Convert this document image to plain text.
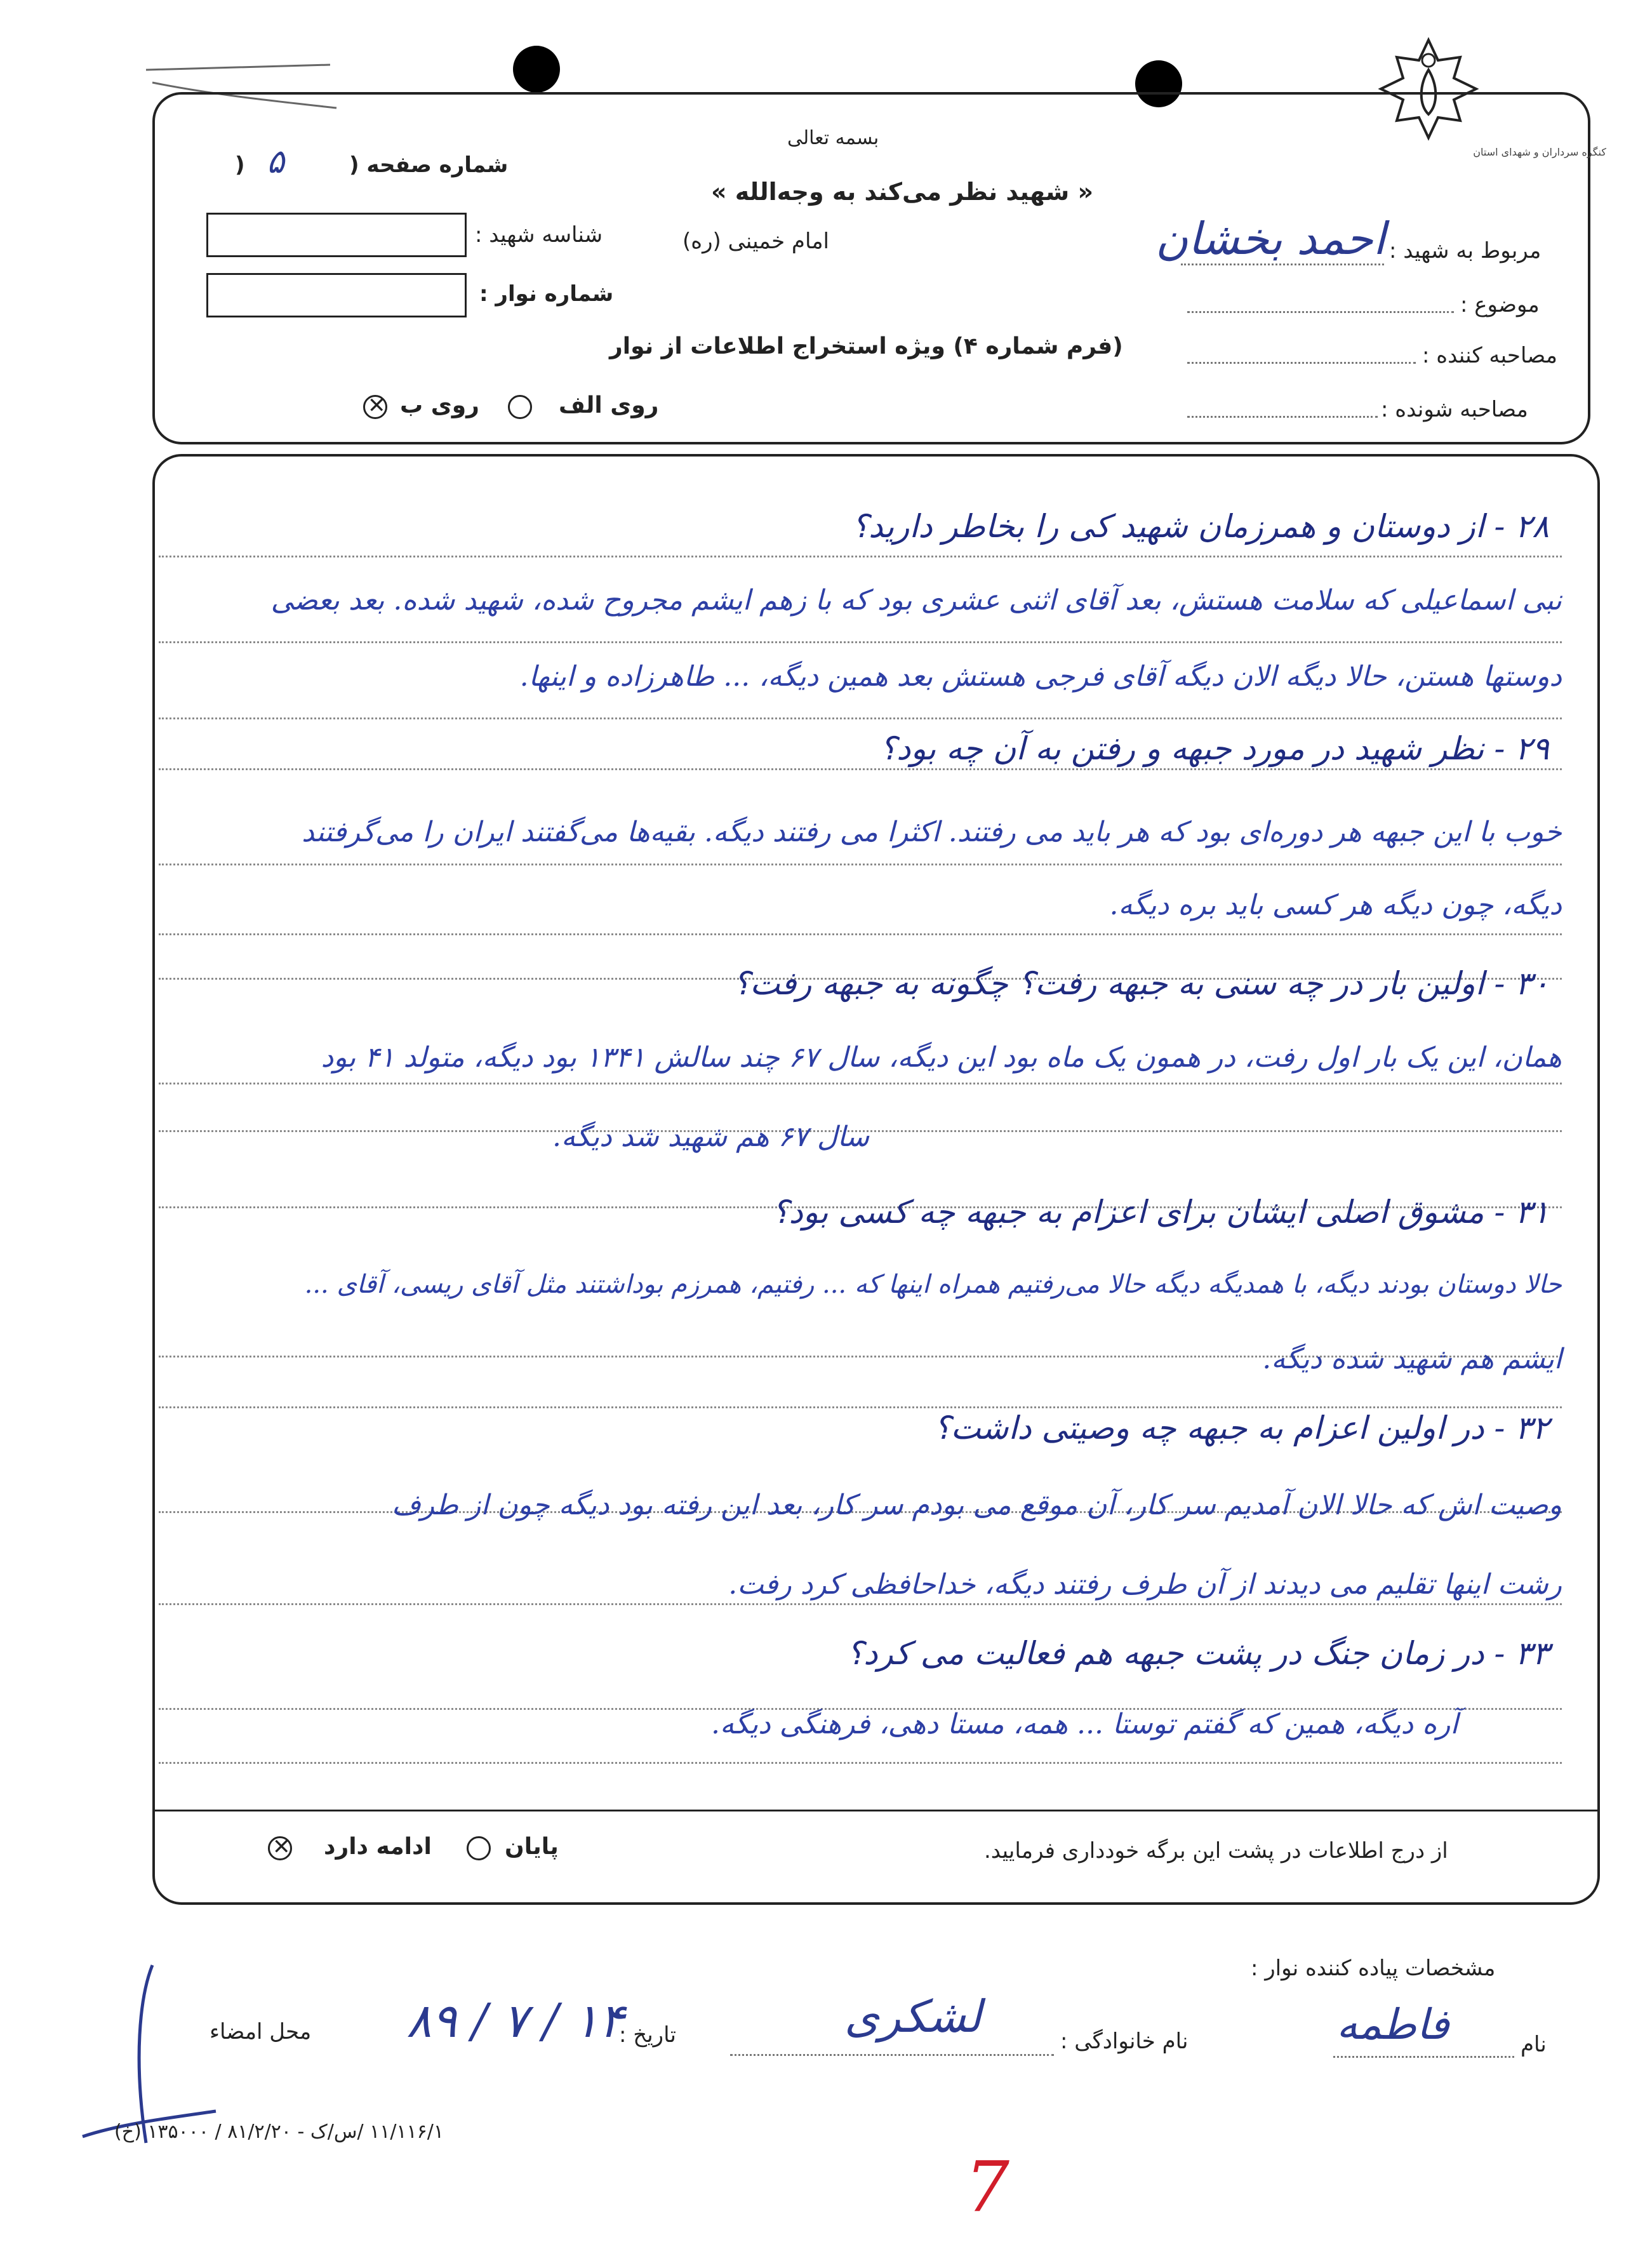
کنگره سرداران و شهدای استان
بسمه تعالی
« شهید نظر می‌کند به وجه‌الله »
امام خمینی (ره)
شماره صفحه (
۵
)
شناسه شهید :
شماره نوار :
(فرم شماره ۴) ویژه استخراج اطلاعات از نوار
روی الف
روی ب
✕
مربوط به شهید :
احمد بخشان
موضوع :
مصاحبه کننده :
مصاحبه شونده :
۲۸ - از دوستان و همرزمان شهید کی را بخاطر دارید؟
نبی اسماعیلی که سلامت هستش، بعد آقای اثنی عشری بود که با زهم ایشم مجروح شده، شهید شده. بعد بعضی
دوستها هستن، حالا دیگه الان دیگه آقای فرجی هستش بعد همین دیگه، ... طاهرزاده و اینها.
۲۹ - نظر شهید در مورد جبهه و رفتن به آن چه بود؟
خوب با این جبهه هر دوره‌ای بود که هر باید می رفتند. اکثرا می رفتند دیگه. بقیه‌ها می‌گفتند ایران را می‌گرفتند
دیگه، چون دیگه هر کسی باید بره دیگه.
۳۰ - اولین بار در چه سنی به جبهه رفت؟ چگونه به جبهه رفت؟
همان، این یک بار اول رفت، در همون یک ماه بود این دیگه، سال ۶۷ چند سالش ۱۳۴۱ بود دیگه، متولد ۴۱ بود
سال ۶۷ هم شهید شد دیگه.
۳۱ - مشوق اصلی ایشان برای اعزام به جبهه چه کسی بود؟
حالا دوستان بودند دیگه، با همدیگه دیگه حالا می‌رفتیم همراه اینها که ... رفتیم، همرزم بوداشتند مثل آقای ریسی، آقای ...
ایشم هم شهید شده دیگه.
۳۲ - در اولین اعزام به جبهه چه وصیتی داشت؟
وصیت اش که حالا الان آمدیم سر کار، آن موقع می بودم سر کار، بعد این رفته بود دیگه چون از طرف
رشت اینها تقلیم می دیدند از آن طرف رفتند دیگه، خداحافظی کرد رفت.
۳۳ - در زمان جنگ در پشت جبهه هم فعالیت می کرد؟
آره دیگه، همین که گفتم توستا ... همه، مستا دهی، فرهنگی دیگه.
از درج اطلاعات در پشت این برگه خودداری فرمایید.
پایان
ادامه دارد
✕
مشخصات پیاده کننده نوار :
نام
فاطمه
نام خانوادگی :
لشکری
تاریخ :
۸۹ / ۷ / ۱۴
محل امضاء
۱۱/۱۱۶/۱ /س/ک - ۸۱/۲/۲۰ / ۱۳۵۰۰۰ (خ)
7
